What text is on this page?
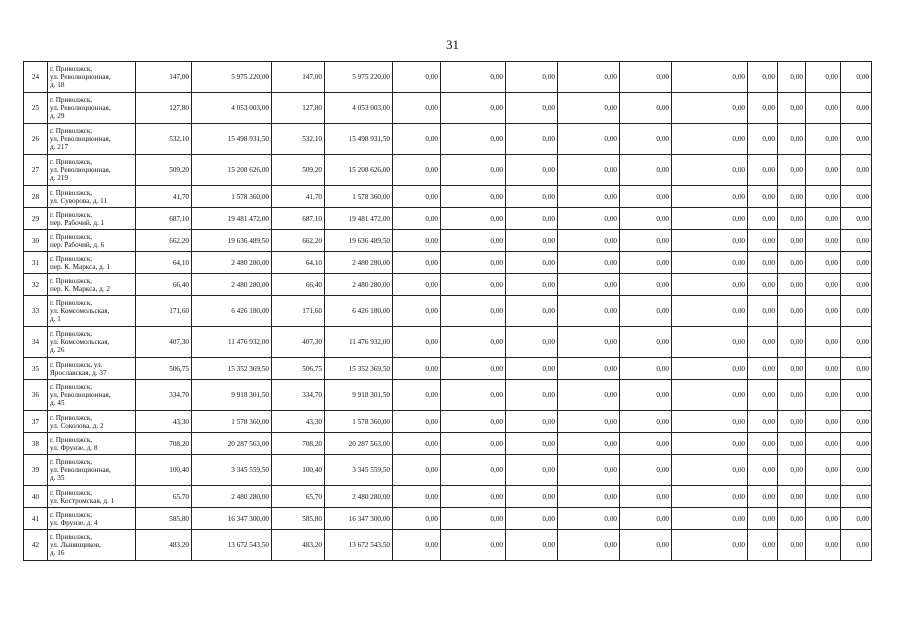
31
24	г. Приволжск,
ул. Революционная,
д. 18	147,00	5 975 220,00	147,00	5 975 220,00	0,00	0,00	0,00	0,00	0,00	0,00	0,00	0,00	0,00	0,00
25	г. Приволжск,
ул. Революционная,
д. 29	127,80	4 053 003,00	127,80	4 053 003,00	0,00	0,00	0,00	0,00	0,00	0,00	0,00	0,00	0,00	0,00
26	г. Приволжск,
ул. Революционная,
д. 217	532,10	15 498 931,50	532,10	15 498 931,50	0,00	0,00	0,00	0,00	0,00	0,00	0,00	0,00	0,00	0,00
27	г. Приволжск,
ул. Революционная,
д. 219	509,20	15 208 626,00	509,20	15 208 626,00	0,00	0,00	0,00	0,00	0,00	0,00	0,00	0,00	0,00	0,00
28	г. Приволжск,
ул. Суворова, д. 11	41,70	1 578 360,00	41,70	1 578 360,00	0,00	0,00	0,00	0,00	0,00	0,00	0,00	0,00	0,00	0,00
29	г. Приволжск,
пер. Рабочий, д. 1	687,10	19 481 472,00	687,10	19 481 472,00	0,00	0,00	0,00	0,00	0,00	0,00	0,00	0,00	0,00	0,00
30	г. Приволжск,
пер. Рабочий, д. 6	662,20	19 636 489,50	662,20	19 636 489,50	0,00	0,00	0,00	0,00	0,00	0,00	0,00	0,00	0,00	0,00
31	г. Приволжск,
пер. К. Маркса, д. 1	64,10	2 480 280,00	64,10	2 480 280,00	0,00	0,00	0,00	0,00	0,00	0,00	0,00	0,00	0,00	0,00
32	г. Приволжск,
пер. К. Маркса, д. 2	66,40	2 480 280,00	66,40	2 480 280,00	0,00	0,00	0,00	0,00	0,00	0,00	0,00	0,00	0,00	0,00
33	г. Приволжск,
ул. Комсомольская,
д. 1	171,60	6 426 180,00	171,60	6 426 180,00	0,00	0,00	0,00	0,00	0,00	0,00	0,00	0,00	0,00	0,00
34	г. Приволжск,
ул. Комсомольская,
д. 26	407,30	11 476 932,00	407,30	11 476 932,00	0,00	0,00	0,00	0,00	0,00	0,00	0,00	0,00	0,00	0,00
35	г. Приволжск, ул.
Ярославская, д. 37	506,75	15 352 369,50	506,75	15 352 369,50	0,00	0,00	0,00	0,00	0,00	0,00	0,00	0,00	0,00	0,00
36	г. Приволжск,
ул. Революционная,
д. 45	334,70	9 918 301,50	334,70	9 918 301,50	0,00	0,00	0,00	0,00	0,00	0,00	0,00	0,00	0,00	0,00
37	г. Приволжск,
ул. Соколова, д. 2	43,30	1 578 360,00	43,30	1 578 360,00	0,00	0,00	0,00	0,00	0,00	0,00	0,00	0,00	0,00	0,00
38	г. Приволжск,
ул. Фрунзе, д. 8	708,20	20 287 563,00	708,20	20 287 563,00	0,00	0,00	0,00	0,00	0,00	0,00	0,00	0,00	0,00	0,00
39	г. Приволжск,
ул. Революционная,
д. 35	100,40	3 345 559,50	100,40	3 345 559,50	0,00	0,00	0,00	0,00	0,00	0,00	0,00	0,00	0,00	0,00
40	г. Приволжск,
ул. Костромская, д. 1	65,70	2 480 280,00	65,70	2 480 280,00	0,00	0,00	0,00	0,00	0,00	0,00	0,00	0,00	0,00	0,00
41	г. Приволжск,
ул. Фрунзе, д. 4	585,80	16 347 300,00	585,80	16 347 300,00	0,00	0,00	0,00	0,00	0,00	0,00	0,00	0,00	0,00	0,00
42	г. Приволжск,
ул. Льнянщиков,
д. 16	483,20	13 672 543,50	483,20	13 672 543,50	0,00	0,00	0,00	0,00	0,00	0,00	0,00	0,00	0,00	0,00
